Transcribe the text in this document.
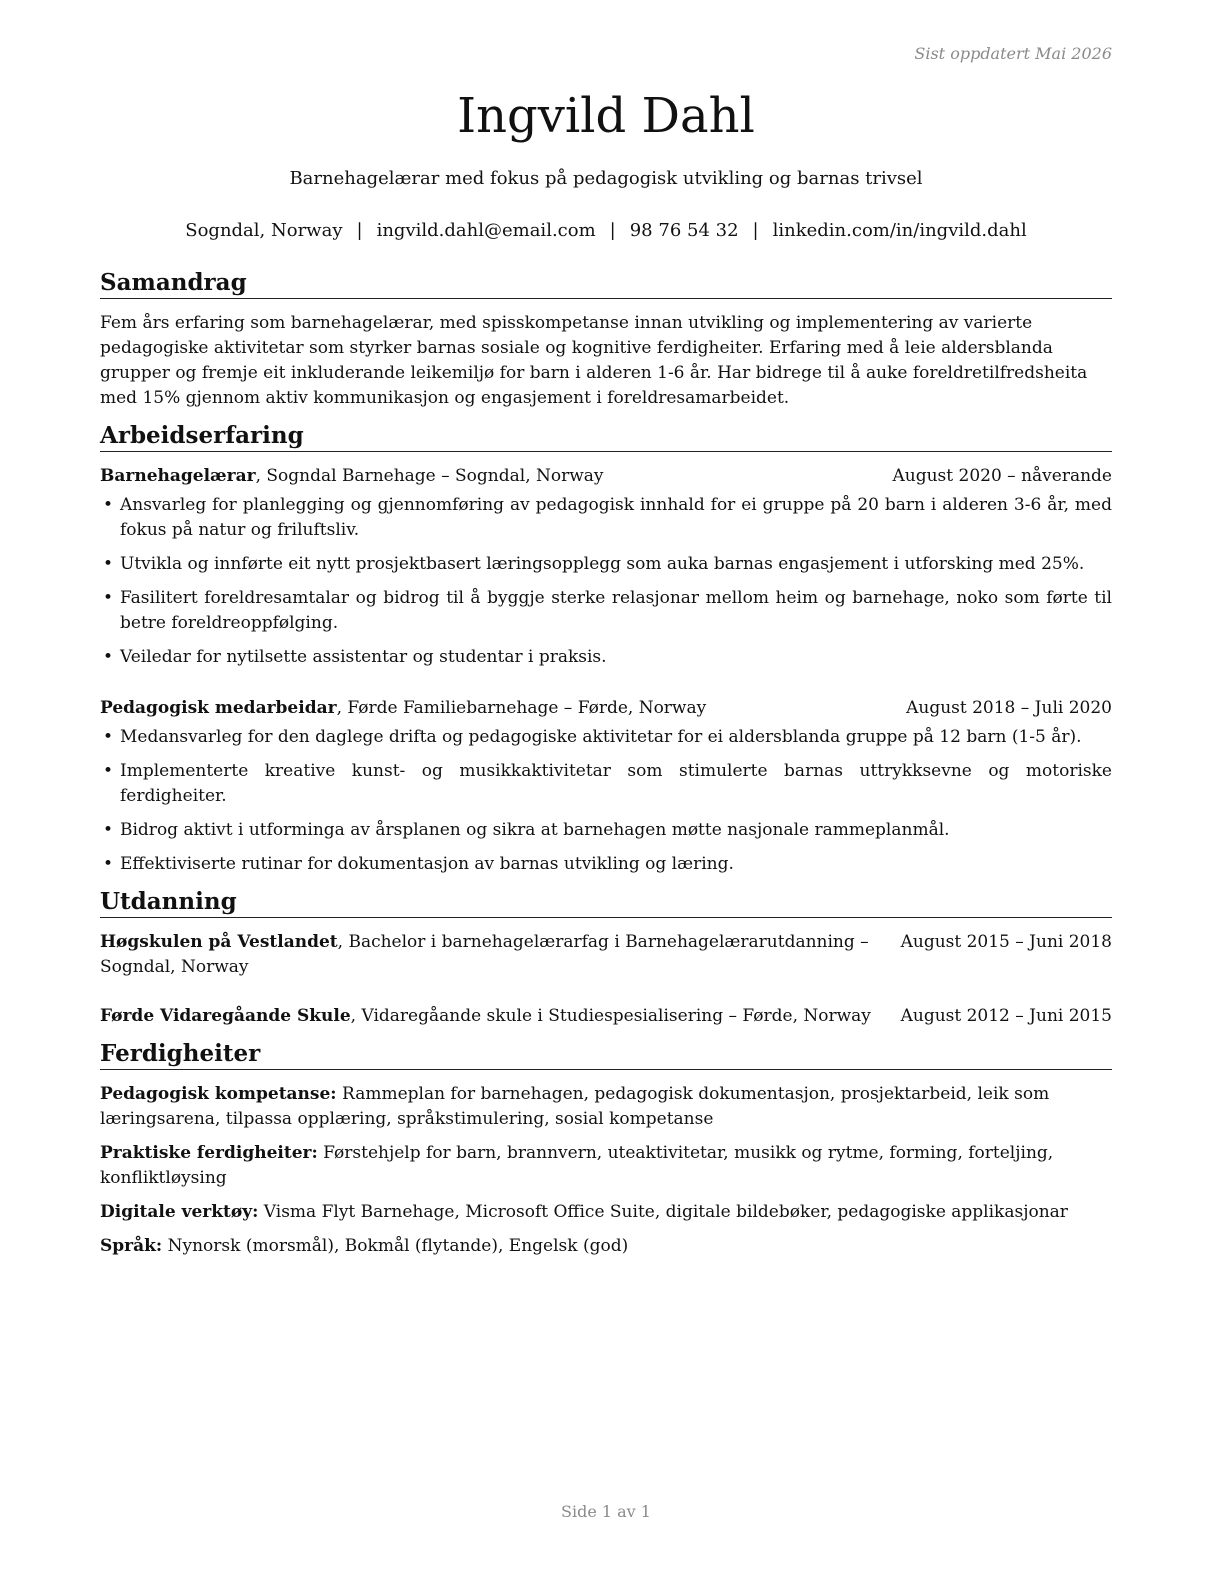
Sist oppdatert Mai 2026
Ingvild Dahl
Barnehagelærar med fokus på pedagogisk utvikling og barnas trivsel
Sogndal, Norway | ingvild.dahl@email.com | 98 76 54 32 | linkedin.com/in/ingvild.dahl
Samandrag

Fem års erfaring som barnehagelærar, med spisskompetanse innan utvikling og implementering av varierte pedagogiske aktivitetar som styrker barnas sosiale og kognitive ferdigheiter. Erfaring med å leie aldersblanda grupper og fremje eit inkluderande leikemiljø for barn i alderen 1-6 år. Har bidrege til å auke foreldretilfredsheita med 15% gjennom aktiv kommunikasjon og engasjement i foreldresamarbeidet.

Arbeidserfaring
Barnehagelærar, Sogndal Barnehage – Sogndal, Norway	August 2020 – nåverande
• Ansvarleg for planlegging og gjennomføring av pedagogisk innhald for ei gruppe på 20 barn i alderen 3-6 år, med fokus på natur og friluftsliv.
• Utvikla og innførte eit nytt prosjektbasert læringsopplegg som auka barnas engasjement i utforsking med 25%.
• Fasilitert foreldresamtalar og bidrog til å byggje sterke relasjonar mellom heim og barnehage, noko som førte til betre foreldreoppfølging.
• Veiledar for nytilsette assistentar og studentar i praksis.
Pedagogisk medarbeidar, Førde Familiebarnehage – Førde, Norway	August 2018 – Juli 2020
• Medansvarleg for den daglege drifta og pedagogiske aktivitetar for ei aldersblanda gruppe på 12 barn (1-5 år).
• Implementerte kreative kunst- og musikkaktivitetar som stimulerte barnas uttrykksevne og motoriske ferdigheiter.
• Bidrog aktivt i utforminga av årsplanen og sikra at barnehagen møtte nasjonale rammeplanmål.
• Effektiviserte rutinar for dokumentasjon av barnas utvikling og læring.
Utdanning
Høgskulen på Vestlandet, Bachelor i barnehagelærarfag i Barnehagelærarutdanning – Sogndal, Norway
August 2015 – Juni 2018
Førde Vidaregåande Skule, Vidaregåande skule i Studiespesialisering – Førde, Norway	August 2012 – Juni 2015
Ferdigheiter

Pedagogisk kompetanse: Rammeplan for barnehagen, pedagogisk dokumentasjon, prosjektarbeid, leik som læringsarena, tilpassa opplæring, språkstimulering, sosial kompetanse

Praktiske ferdigheiter: Førstehjelp for barn, brannvern, uteaktivitetar, musikk og rytme, forming, forteljing, konfliktløysing

Digitale verktøy: Visma Flyt Barnehage, Microsoft Office Suite, digitale bildebøker, pedagogiske applikasjonar

Språk: Nynorsk (morsmål), Bokmål (flytande), Engelsk (god)

Side 1 av 1
